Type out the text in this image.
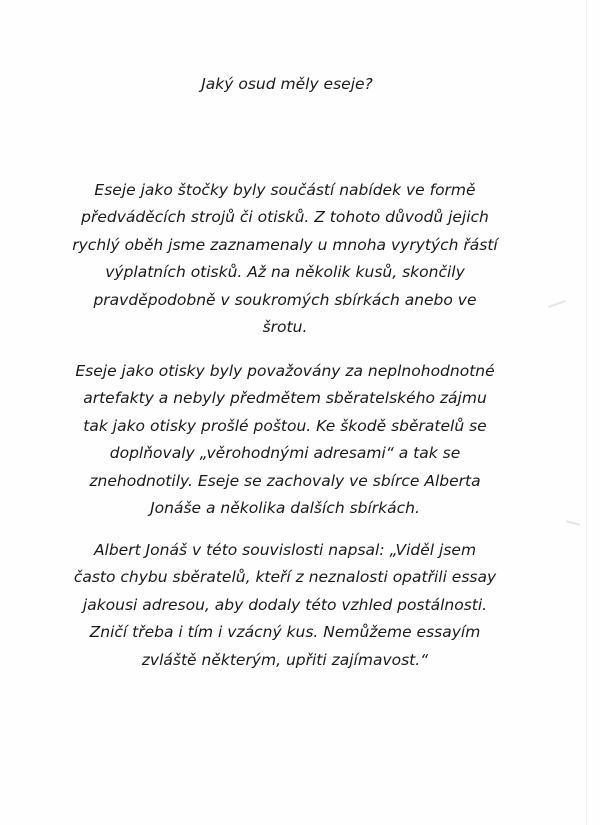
Jaký osud měly eseje?

Eseje jako štočky byly součástí nabídek ve formě
předváděcích strojů či otisků. Z tohoto důvodů jejich
rychlý oběh jsme zaznamenaly u mnoha vyrytých řástí
výplatních otisků. Až na několik kusů, skončily
pravděpodobně v soukromých sbírkách anebo ve
šrotu.

Eseje jako otisky byly považovány za neplnohodnotné
artefakty a nebyly předmětem sběratelského zájmu
tak jako otisky prošlé poštou. Ke škodě sběratelů se
doplňovaly „věrohodnými adresami“ a tak se
znehodnotily. Eseje se zachovaly ve sbírce Alberta
Jonáše a několika dalších sbírkách.

Albert Jonáš v této souvislosti napsal: „Viděl jsem
často chybu sběratelů, kteří z neznalosti opatřili essay
jakousi adresou, aby dodaly této vzhled postálnosti.
Zničí třeba i tím i vzácný kus. Nemůžeme essayím
zvláště některým, upřiti zajímavost.“
